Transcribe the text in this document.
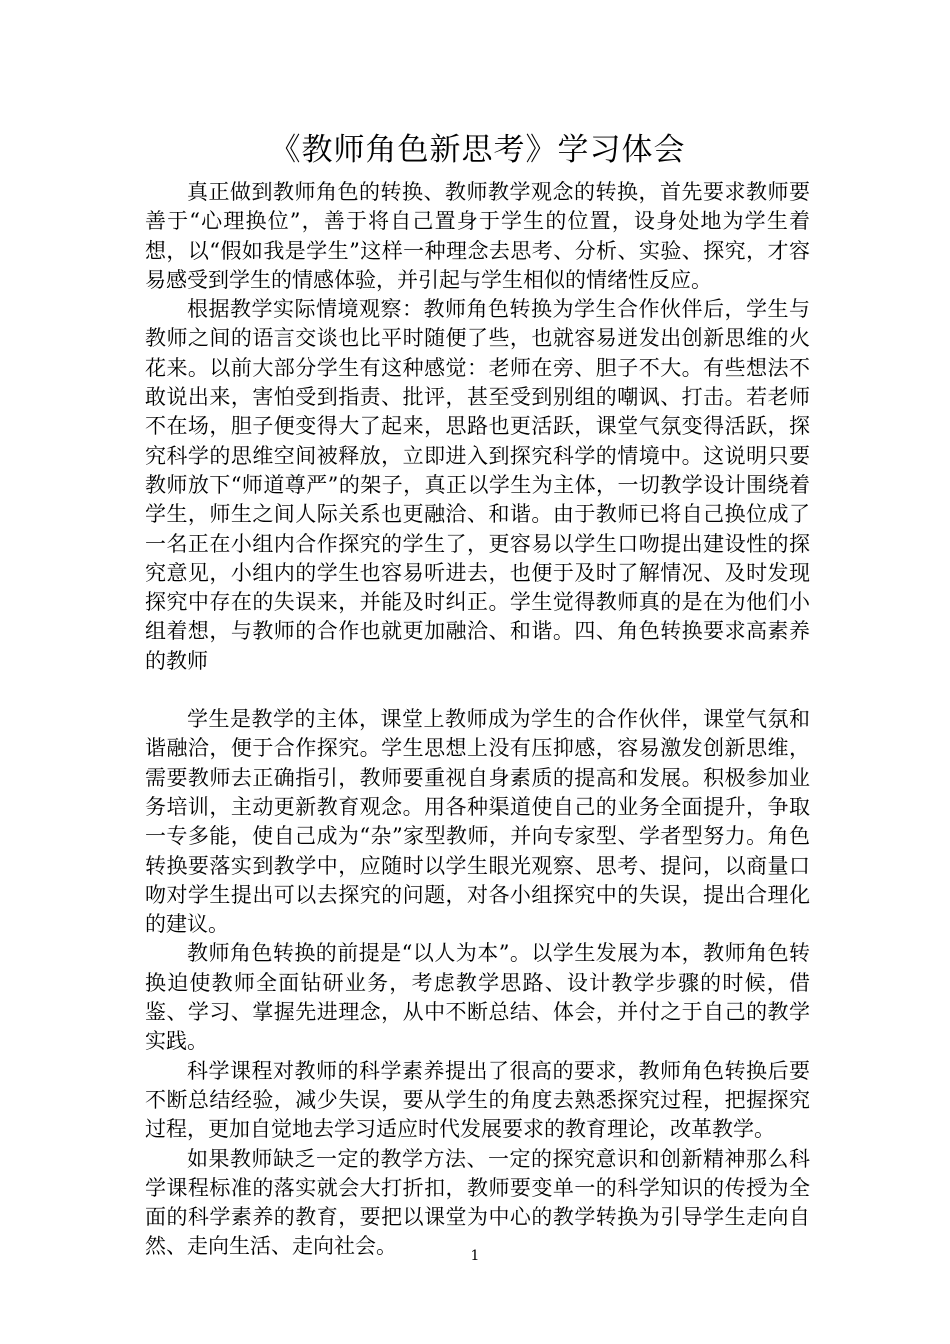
《教师角色新思考》学习体会

真正做到教师角色的转换、教师教学观念的转换，首先要求教师要善于“心理换位”，善于将自己置身于学生的位置，设身处地为学生着想，以“假如我是学生”这样一种理念去思考、分析、实验、探究，才容易感受到学生的情感体验，并引起与学生相似的情绪性反应。

根据教学实际情境观察：教师角色转换为学生合作伙伴后，学生与教师之间的语言交谈也比平时随便了些，也就容易迸发出创新思维的火花来。以前大部分学生有这种感觉：老师在旁、胆子不大。有些想法不敢说出来，害怕受到指责、批评，甚至受到别组的嘲讽、打击。若老师不在场，胆子便变得大了起来，思路也更活跃，课堂气氛变得活跃，探究科学的思维空间被释放，立即进入到探究科学的情境中。这说明只要教师放下“师道尊严”的架子，真正以学生为主体，一切教学设计围绕着学生，师生之间人际关系也更融洽、和谐。由于教师已将自己换位成了一名正在小组内合作探究的学生了，更容易以学生口吻提出建设性的探究意见，小组内的学生也容易听进去，也便于及时了解情况、及时发现探究中存在的失误来，并能及时纠正。学生觉得教师真的是在为他们小组着想，与教师的合作也就更加融洽、和谐。四、角色转换要求高素养的教师

学生是教学的主体，课堂上教师成为学生的合作伙伴，课堂气氛和谐融洽，便于合作探究。学生思想上没有压抑感，容易激发创新思维，需要教师去正确指引，教师要重视自身素质的提高和发展。积极参加业务培训，主动更新教育观念。用各种渠道使自己的业务全面提升，争取一专多能，使自己成为“杂”家型教师，并向专家型、学者型努力。角色转换要落实到教学中，应随时以学生眼光观察、思考、提问，以商量口吻对学生提出可以去探究的问题，对各小组探究中的失误，提出合理化的建议。

教师角色转换的前提是“以人为本”。以学生发展为本，教师角色转换迫使教师全面钻研业务，考虑教学思路、设计教学步骤的时候，借鉴、学习、掌握先进理念，从中不断总结、体会，并付之于自己的教学实践。

科学课程对教师的科学素养提出了很高的要求，教师角色转换后要不断总结经验，减少失误，要从学生的角度去熟悉探究过程，把握探究过程，更加自觉地去学习适应时代发展要求的教育理论，改革教学。

如果教师缺乏一定的教学方法、一定的探究意识和创新精神那么科学课程标准的落实就会大打折扣，教师要变单一的科学知识的传授为全面的科学素养的教育，要把以课堂为中心的教学转换为引导学生走向自然、走向生活、走向社会。	1
